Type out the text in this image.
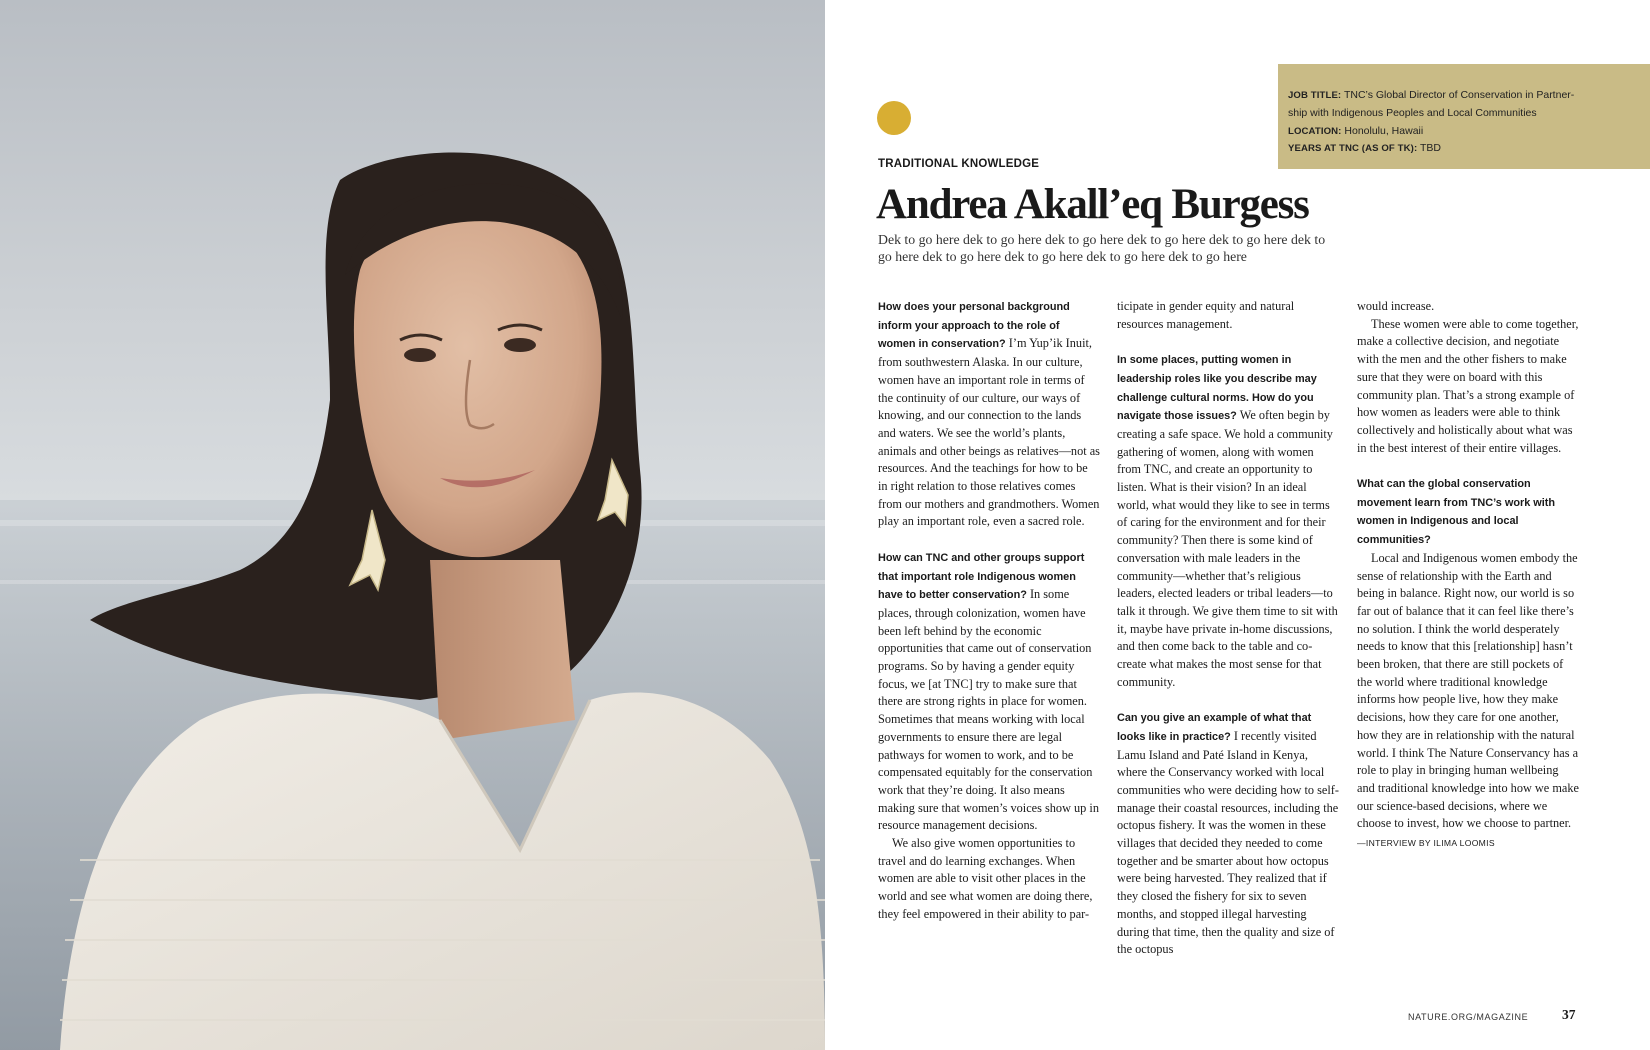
JOB TITLE: TNC’s Global Director of Conservation in Partner-
ship with Indigenous Peoples and Local Communities
LOCATION: Honolulu, Hawaii
YEARS AT TNC (AS OF TK): TBD
TRADITIONAL KNOWLEDGE
Andrea Akall’eq Burgess
Dek to go here dek to go here dek to go here dek to go here dek to go here dek to go here dek to go here dek to go here dek to go here dek to go here

How does your personal background inform your approach to the role of women in conservation? I’m Yup’ik Inuit, from southwestern Alaska. In our culture, women have an important role in terms of the continuity of our culture, our ways of knowing, and our connection to the lands and waters. We see the world’s plants, animals and other beings as relatives—not as resources. And the teachings for how to be in right relation to those relatives comes from our mothers and grandmothers. Women play an important role, even a sacred role.

How can TNC and other groups support that important role Indigenous women have to better conservation? In some places, through colonization, women have been left behind by the economic opportunities that came out of conservation programs. So by having a gender equity focus, we [at TNC] try to make sure that there are strong rights in place for women. Sometimes that means working with local governments to ensure there are legal pathways for women to work, and to be compensated equitably for the conservation work that they’re doing. It also means making sure that women’s voices show up in resource management decisions.

We also give women opportunities to travel and do learning exchanges. When women are able to visit other places in the world and see what women are doing there, they feel empowered in their ability to par-

ticipate in gender equity and natural resources management.

In some places, putting women in leadership roles like you describe may challenge cultural norms. How do you navigate those issues? We often begin by creating a safe space. We hold a community gathering of women, along with women from TNC, and create an opportunity to listen. What is their vision? In an ideal world, what would they like to see in terms of caring for the environment and for their community? Then there is some kind of conversation with male leaders in the community—whether that’s religious leaders, elected leaders or tribal leaders—to talk it through. We give them time to sit with it, maybe have private in-home discussions, and then come back to the table and co-create what makes the most sense for that community.

Can you give an example of what that looks like in practice? I recently visited Lamu Island and Paté Island in Kenya, where the Conservancy worked with local communities who were deciding how to self-manage their coastal resources, including the octopus fishery. It was the women in these villages that decided they needed to come together and be smarter about how octopus were being harvested. They realized that if they closed the fishery for six to seven months, and stopped illegal harvesting during that time, then the quality and size of the octopus

would increase.

These women were able to come together, make a collective decision, and negotiate with the men and the other fishers to make sure that they were on board with this community plan. That’s a strong example of how women as leaders were able to think collectively and holistically about what was in the best interest of their entire villages.

What can the global conservation movement learn from TNC’s work with women in Indigenous and local communities?

Local and Indigenous women embody the sense of relationship with the Earth and being in balance. Right now, our world is so far out of balance that it can feel like there’s no solution. I think the world desperately needs to know that this [relationship] hasn’t been broken, that there are still pockets of the world where traditional knowledge informs how people live, how they make decisions, how they care for one another, how they are in relationship with the natural world. I think The Nature Conservancy has a role to play in bringing human wellbeing and traditional knowledge into how we make our science-based decisions, where we choose to invest, how we choose to partner. —INTERVIEW BY ILIMA LOOMIS

NATURE.ORG/MAGAZINE	37
